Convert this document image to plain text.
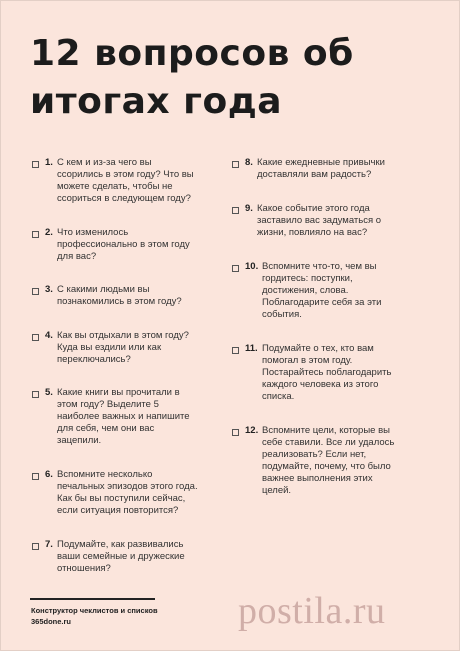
12 вопросов об итогах года
1. С кем и из-за чего вы ссорились в этом году? Что вы можете сделать, чтобы не ссориться в следующем году?
2. Что изменилось профессионально в этом году для вас?
3. С какими людьми вы познакомились в этом году?
4. Как вы отдыхали в этом году? Куда вы ездили или как переключались?
5. Какие книги вы прочитали в этом году? Выделите 5 наиболее важных и напишите для себя, чем они вас зацепили.
6. Вспомните несколько печальных эпизодов этого года. Как бы вы поступили сейчас, если ситуация повторится?
7. Подумайте, как развивались ваши семейные и дружеские отношения?
8. Какие ежедневные привычки доставляли вам радость?
9. Какое событие этого года заставило вас задуматься о жизни, повлияло на вас?
10. Вспомните что-то, чем вы гордитесь: поступки, достижения, слова. Поблагодарите себя за эти события.
11. Подумайте о тех, кто вам помогал в этом году. Постарайтесь поблагодарить каждого человека из этого списка.
12. Вспомните цели, которые вы себе ставили. Все ли удалось реализовать? Если нет, подумайте, почему, что было важнее выполнения этих целей.
Конструктор чеклистов и списков
365done.ru	postila.ru
